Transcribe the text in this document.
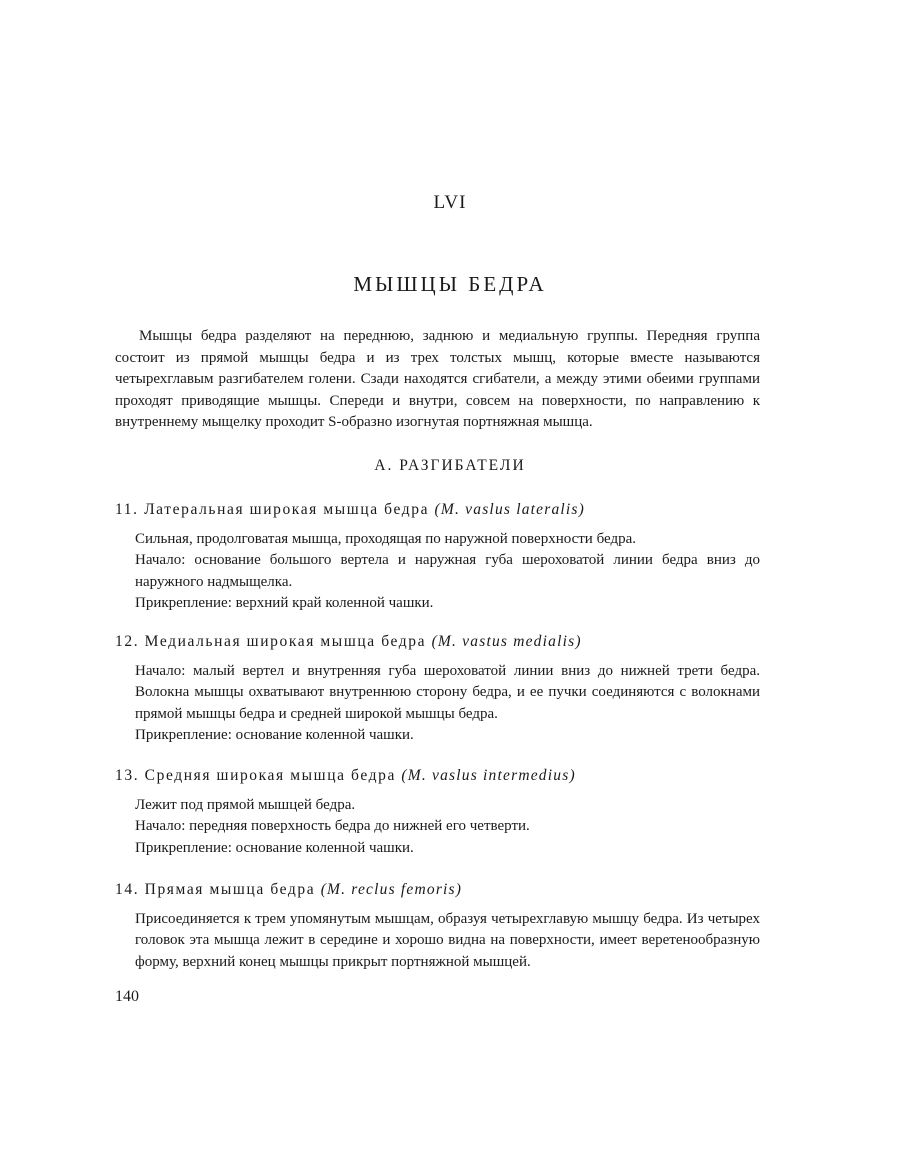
LVI
МЫШЦЫ БЕДРА

Мышцы бедра разделяют на переднюю, заднюю и медиальную группы. Передняя группа состоит из прямой мышцы бедра и из трех толстых мышц, которые вместе называются четырехглавым разгибателем голени. Сзади находятся сгибатели, а между этими обеими группами проходят приводящие мышцы. Спереди и внутри, совсем на поверхности, по направлению к внутреннему мыщелку проходит S-образно изогнутая портняжная мышца.

А. РАЗГИБАТЕЛИ
11. Латеральная широкая мышца бедра (M. vaslus lateralis)

Сильная, продолговатая мышца, проходящая по наружной поверхности бедра.

Начало: основание большого вертела и наружная губа шероховатой линии бедра вниз до наружного надмыщелка.

Прикрепление: верхний край коленной чашки.

12. Медиальная широкая мышца бедра (M. vastus medialis)

Начало: малый вертел и внутренняя губа шероховатой линии вниз до нижней трети бедра. Волокна мышцы охватывают внутреннюю сторону бедра, и ее пучки соединяются с волокнами прямой мышцы бедра и средней широкой мышцы бедра.

Прикрепление: основание коленной чашки.

13. Средняя широкая мышца бедра (M. vaslus intermedius)

Лежит под прямой мышцей бедра.

Начало: передняя поверхность бедра до нижней его четверти.

Прикрепление: основание коленной чашки.

14. Прямая мышца бедра (M. reclus femoris)

Присоединяется к трем упомянутым мышцам, образуя четырехглавую мышцу бедра. Из четырех головок эта мышца лежит в середине и хорошо видна на поверхности, имеет веретенообразную форму, верхний конец мышцы прикрыт портняжной мышцей.

140
